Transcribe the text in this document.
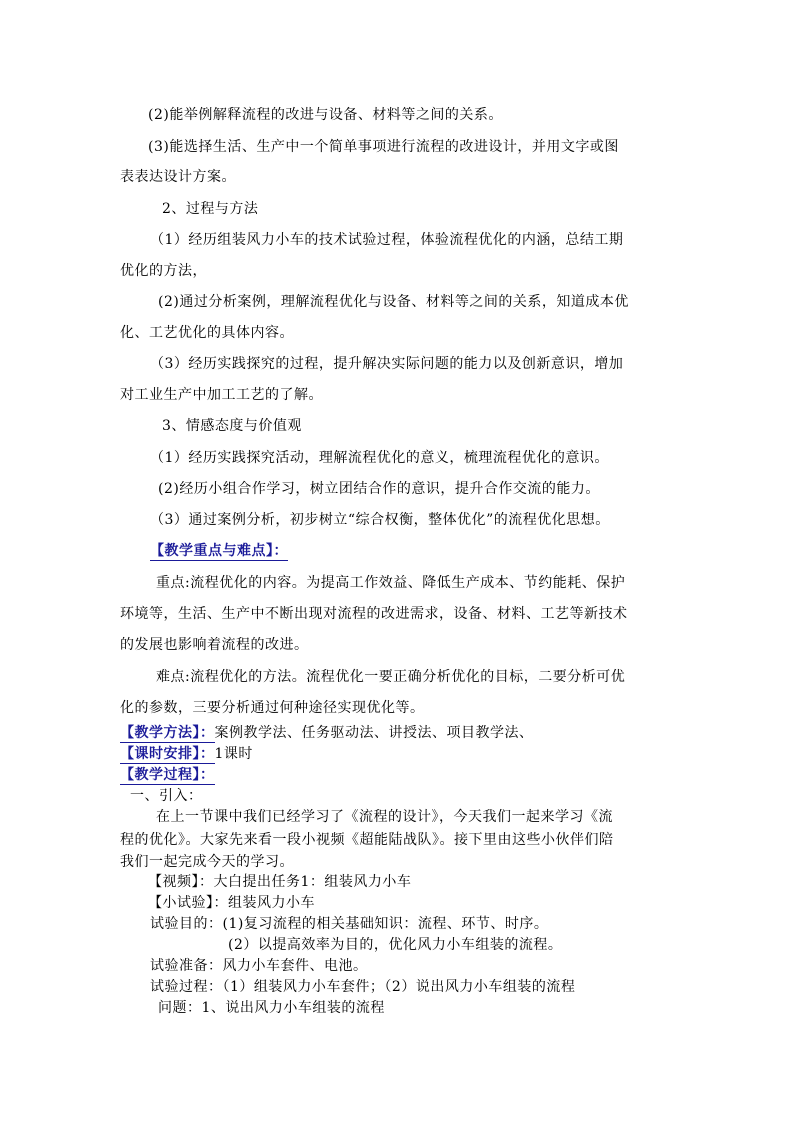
(2)能举例解释流程的改进与设备、材料等之间的关系。
(3)能选择生活、生产中一个简单事项进行流程的改进设计，并用文字或图
表表达设计方案。
2、过程与方法
（1）经历组装风力小车的技术试验过程，体验流程优化的内涵，总结工期
优化的方法，
(2)通过分析案例，理解流程优化与设备、材料等之间的关系，知道成本优
化、工艺优化的具体内容。
（3）经历实践探究的过程，提升解决实际问题的能力以及创新意识，增加
对工业生产中加工工艺的了解。
3、情感态度与价值观
（1）经历实践探究活动，理解流程优化的意义，梳理流程优化的意识。
(2)经历小组合作学习，树立团结合作的意识，提升合作交流的能力。
（3）通过案例分析，初步树立“综合权衡，整体优化”的流程优化思想。
【教学重点与难点】：
重点:流程优化的内容。为提高工作效益、降低生产成本、节约能耗、保护
环境等，生活、生产中不断出现对流程的改进需求，设备、材料、工艺等新技术
的发展也影响着流程的改进。
难点:流程优化的方法。流程优化一要正确分析优化的目标，二要分析可优
化的参数，三要分析通过何种途径实现优化等。
【教学方法】：案例教学法、任务驱动法、讲授法、项目教学法、
【课时安排】：1课时
【教学过程】：
一、引入：
在上一节课中我们已经学习了《流程的设计》，今天我们一起来学习《流
程的优化》。大家先来看一段小视频《超能陆战队》。接下里由这些小伙伴们陪
我们一起完成今天的学习。
【视频】：大白提出任务1：组装风力小车
【小试验】：组装风力小车
试验目的：(1)复习流程的相关基础知识：流程、环节、时序。
(2）以提高效率为目的，优化风力小车组装的流程。
试验准备：风力小车套件、电池。
试验过程：（1）组装风力小车套件；（2）说出风力小车组装的流程
问题：1、说出风力小车组装的流程
